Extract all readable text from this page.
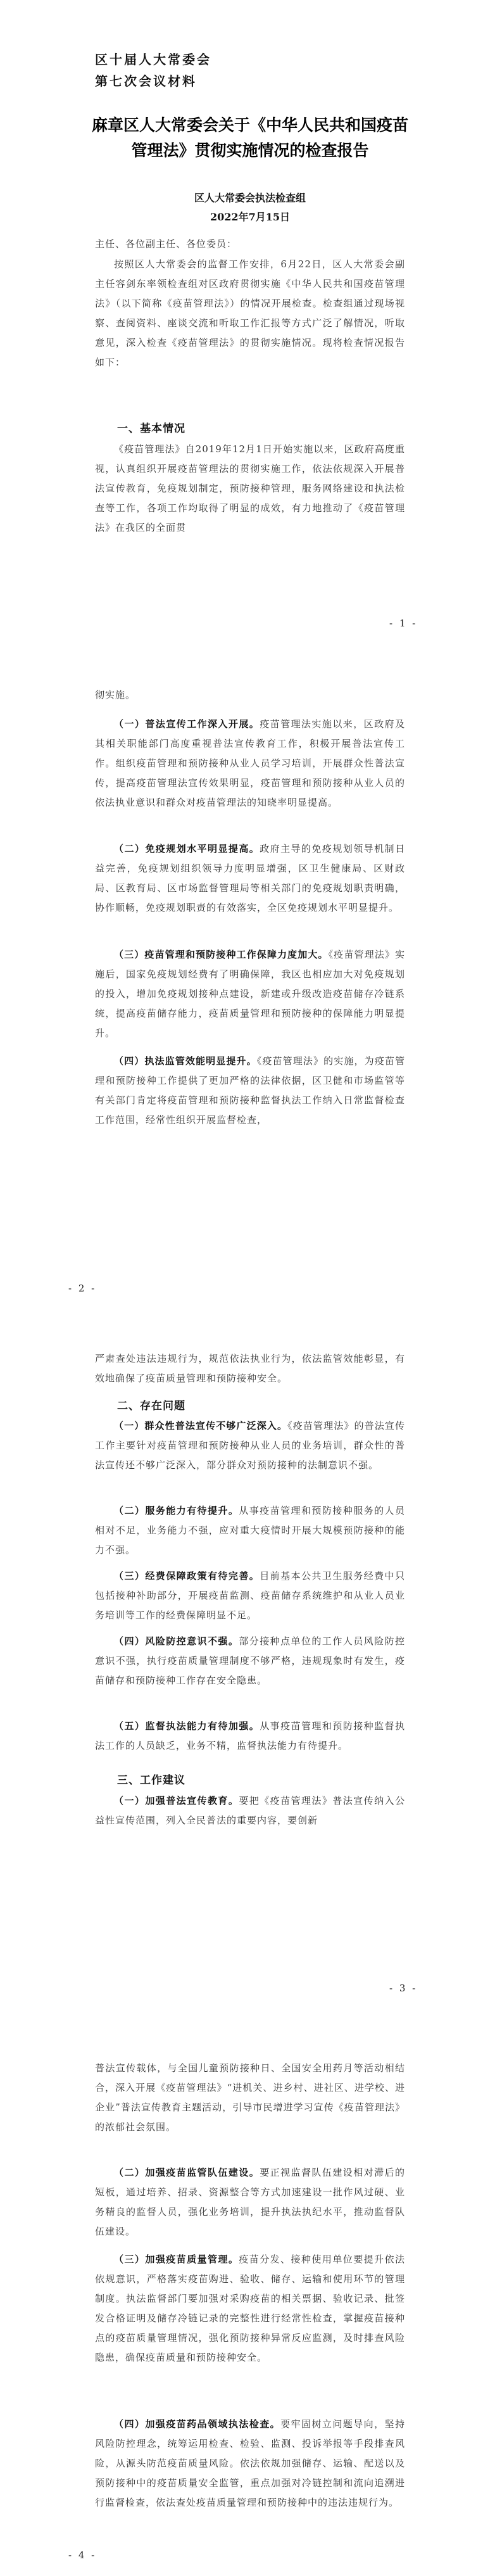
区十届人大常委会
第七次会议材料
麻章区人大常委会关于《中华人民共和国疫苗管理法》贯彻实施情况的检查报告
区人大常委会执法检查组
2022年7月15日

主任、各位副主任、各位委员：

按照区人大常委会的监督工作安排，6月22日，区人大常委会副主任容剑东率领检查组对区政府贯彻实施《中华人民共和国疫苗管理法》（以下简称《疫苗管理法》）的情况开展检查。检查组通过现场视察、查阅资料、座谈交流和听取工作汇报等方式广泛了解情况，听取意见，深入检查《疫苗管理法》的贯彻实施情况。现将检查情况报告如下：

一、基本情况

《疫苗管理法》自2019年12月1日开始实施以来，区政府高度重视，认真组织开展疫苗管理法的贯彻实施工作，依法依规深入开展普法宣传教育，免疫规划制定，预防接种管理，服务网络建设和执法检查等工作，各项工作均取得了明显的成效，有力地推动了《疫苗管理法》在我区的全面贯

- 1 -

彻实施。

（一）普法宣传工作深入开展。疫苗管理法实施以来，区政府及其相关职能部门高度重视普法宣传教育工作，积极开展普法宣传工作。组织疫苗管理和预防接种从业人员学习培训，开展群众性普法宣传，提高疫苗管理法宣传效果明显，疫苗管理和预防接种从业人员的依法执业意识和群众对疫苗管理法的知晓率明显提高。

（二）免疫规划水平明显提高。政府主导的免疫规划领导机制日益完善，免疫规划组织领导力度明显增强，区卫生健康局、区财政局、区教育局、区市场监督管理局等相关部门的免疫规划职责明确，协作顺畅，免疫规划职责的有效落实，全区免疫规划水平明显提升。

（三）疫苗管理和预防接种工作保障力度加大。《疫苗管理法》实施后，国家免疫规划经费有了明确保障，我区也相应加大对免疫规划的投入，增加免疫规划接种点建设，新建或升级改造疫苗储存冷链系统，提高疫苗储存能力，疫苗质量管理和预防接种的保障能力明显提升。

（四）执法监管效能明显提升。《疫苗管理法》的实施，为疫苗管理和预防接种工作提供了更加严格的法律依据，区卫健和市场监管等有关部门肯定将疫苗管理和预防接种监督执法工作纳入日常监督检查工作范围，经常性组织开展监督检查，

- 2 -

严肃查处违法违规行为，规范依法执业行为，依法监管效能彰显，有效地确保了疫苗质量管理和预防接种安全。

二、存在问题

（一）群众性普法宣传不够广泛深入。《疫苗管理法》的普法宣传工作主要针对疫苗管理和预防接种从业人员的业务培训，群众性的普法宣传还不够广泛深入，部分群众对预防接种的法制意识不强。

（二）服务能力有待提升。从事疫苗管理和预防接种服务的人员相对不足，业务能力不强，应对重大疫情时开展大规模预防接种的能力不强。

（三）经费保障政策有待完善。目前基本公共卫生服务经费中只包括接种补助部分，开展疫苗监测、疫苗储存系统维护和从业人员业务培训等工作的经费保障明显不足。

（四）风险防控意识不强。部分接种点单位的工作人员风险防控意识不强，执行疫苗质量管理制度不够严格，违规现象时有发生，疫苗储存和预防接种工作存在安全隐患。

（五）监督执法能力有待加强。从事疫苗管理和预防接种监督执法工作的人员缺乏，业务不精，监督执法能力有待提升。

三、工作建议

（一）加强普法宣传教育。要把《疫苗管理法》普法宣传纳入公益性宣传范围，列入全民普法的重要内容，要创新

- 3 -

普法宣传载体，与全国儿童预防接种日、全国安全用药月等活动相结合，深入开展《疫苗管理法》“进机关、进乡村、进社区、进学校、进企业”普法宣传教育主题活动，引导市民增进学习宣传《疫苗管理法》的浓郁社会氛围。

（二）加强疫苗监管队伍建设。要正视监督队伍建设相对滞后的短板，通过培养、招录、资源整合等方式加速建设一批作风过硬、业务精良的监督人员，强化业务培训，提升执法执纪水平，推动监督队伍建设。

（三）加强疫苗质量管理。疫苗分发、接种使用单位要提升依法依规意识，严格落实疫苗购进、验收、储存、运输和使用环节的管理制度。执法监督部门要加强对采购疫苗的相关票据、验收记录、批签发合格证明及储存冷链记录的完整性进行经常性检查，掌握疫苗接种点的疫苗质量管理情况，强化预防接种异常反应监测，及时排查风险隐患，确保疫苗质量和预防接种安全。

（四）加强疫苗药品领域执法检查。要牢固树立问题导向，坚持风险防控理念，统筹运用检查、检验、监测、投诉举报等手段排查风险，从源头防范疫苗质量风险。依法依规加强储存、运输、配送以及预防接种中的疫苗质量安全监管，重点加强对冷链控制和流向追溯进行监督检查，依法查处疫苗质量管理和预防接种中的违法违规行为。

- 4 -
